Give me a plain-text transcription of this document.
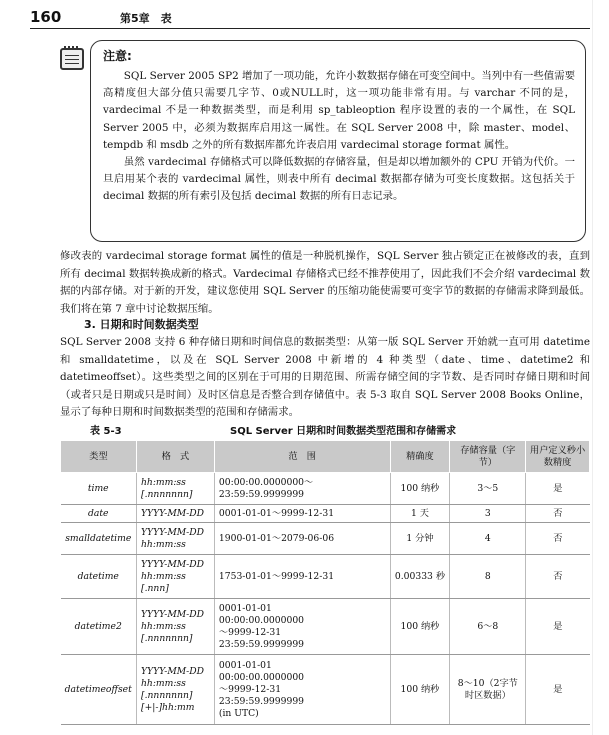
160	第5章　表
注意:

SQL Server 2005 SP2 增加了一项功能，允许小数数据存储在可变空间中。当列中有一些值需要高精度但大部分值只需要几字节、0或NULL时，这一项功能非常有用。与 varchar 不同的是，vardecimal 不是一种数据类型，而是利用 sp_tableoption 程序设置的表的一个属性，在 SQL Server 2005 中，必须为数据库启用这一属性。在 SQL Server 2008 中，除 master、model、tempdb 和 msdb 之外的所有数据库都允许表启用 vardecimal storage format 属性。

虽然 vardecimal 存储格式可以降低数据的存储容量，但是却以增加额外的 CPU 开销为代价。一旦启用某个表的 vardecimal 属性，则表中所有 decimal 数据都存储为可变长度数据。这包括关于 decimal 数据的所有索引及包括 decimal 数据的所有日志记录。

修改表的 vardecimal storage format 属性的值是一种脱机操作，SQL Server 独占锁定正在被修改的表，直到所有 decimal 数据转换成新的格式。Vardecimal 存储格式已经不推荐使用了，因此我们不会介绍 vardecimal 数据的内部存储。对于新的开发，建议您使用 SQL Server 的压缩功能使需要可变字节的数据的存储需求降到最低。我们将在第 7 章中讨论数据压缩。

3. 日期和时间数据类型

SQL Server 2008 支持 6 种存储日期和时间信息的数据类型：从第一版 SQL Server 开始就一直可用 datetime 和 smalldatetime，以及在 SQL Server 2008 中新增的 4 种类型（date、time、datetime2 和 datetimeoffset）。这些类型之间的区别在于可用的日期范围、所需存储空间的字节数、是否同时存储日期和时间（或者只是日期或只是时间）及时区信息是否整合到存储值中。表 5-3 取自 SQL Server 2008 Books Online，显示了每种日期和时间数据类型的范围和存储需求。

表 5-3	SQL Server 日期和时间数据类型范围和存储需求
类型	格　式	范　围	精确度	存储容量（字节）	用户定义秒小数精度
time	hh:mm:ss
[.nnnnnnn]	00:00:00.0000000～23:59:59.9999999	100 纳秒	3～5	是
date	YYYY-MM-DD	0001-01-01～9999-12-31	1 天	3	否
smalldatetime	YYYY-MM-DD
hh:mm:ss	1900-01-01～2079-06-06	1 分钟	4	否
datetime	YYYY-MM-DD
hh:mm:ss
[.nnn]	1753-01-01～9999-12-31	0.00333 秒	8	否
datetime2	YYYY-MM-DD
hh:mm:ss
[.nnnnnnn]	0001-01-01
00:00:00.0000000
～9999-12-31
23:59:59.9999999	100 纳秒	6～8	是
datetimeoffset	YYYY-MM-DD
hh:mm:ss
[.nnnnnnn]
[+|-]hh:mm	0001-01-01
00:00:00.0000000
～9999-12-31
23:59:59.9999999
(in UTC)	100 纳秒	8～10（2字节时区数据）	是
